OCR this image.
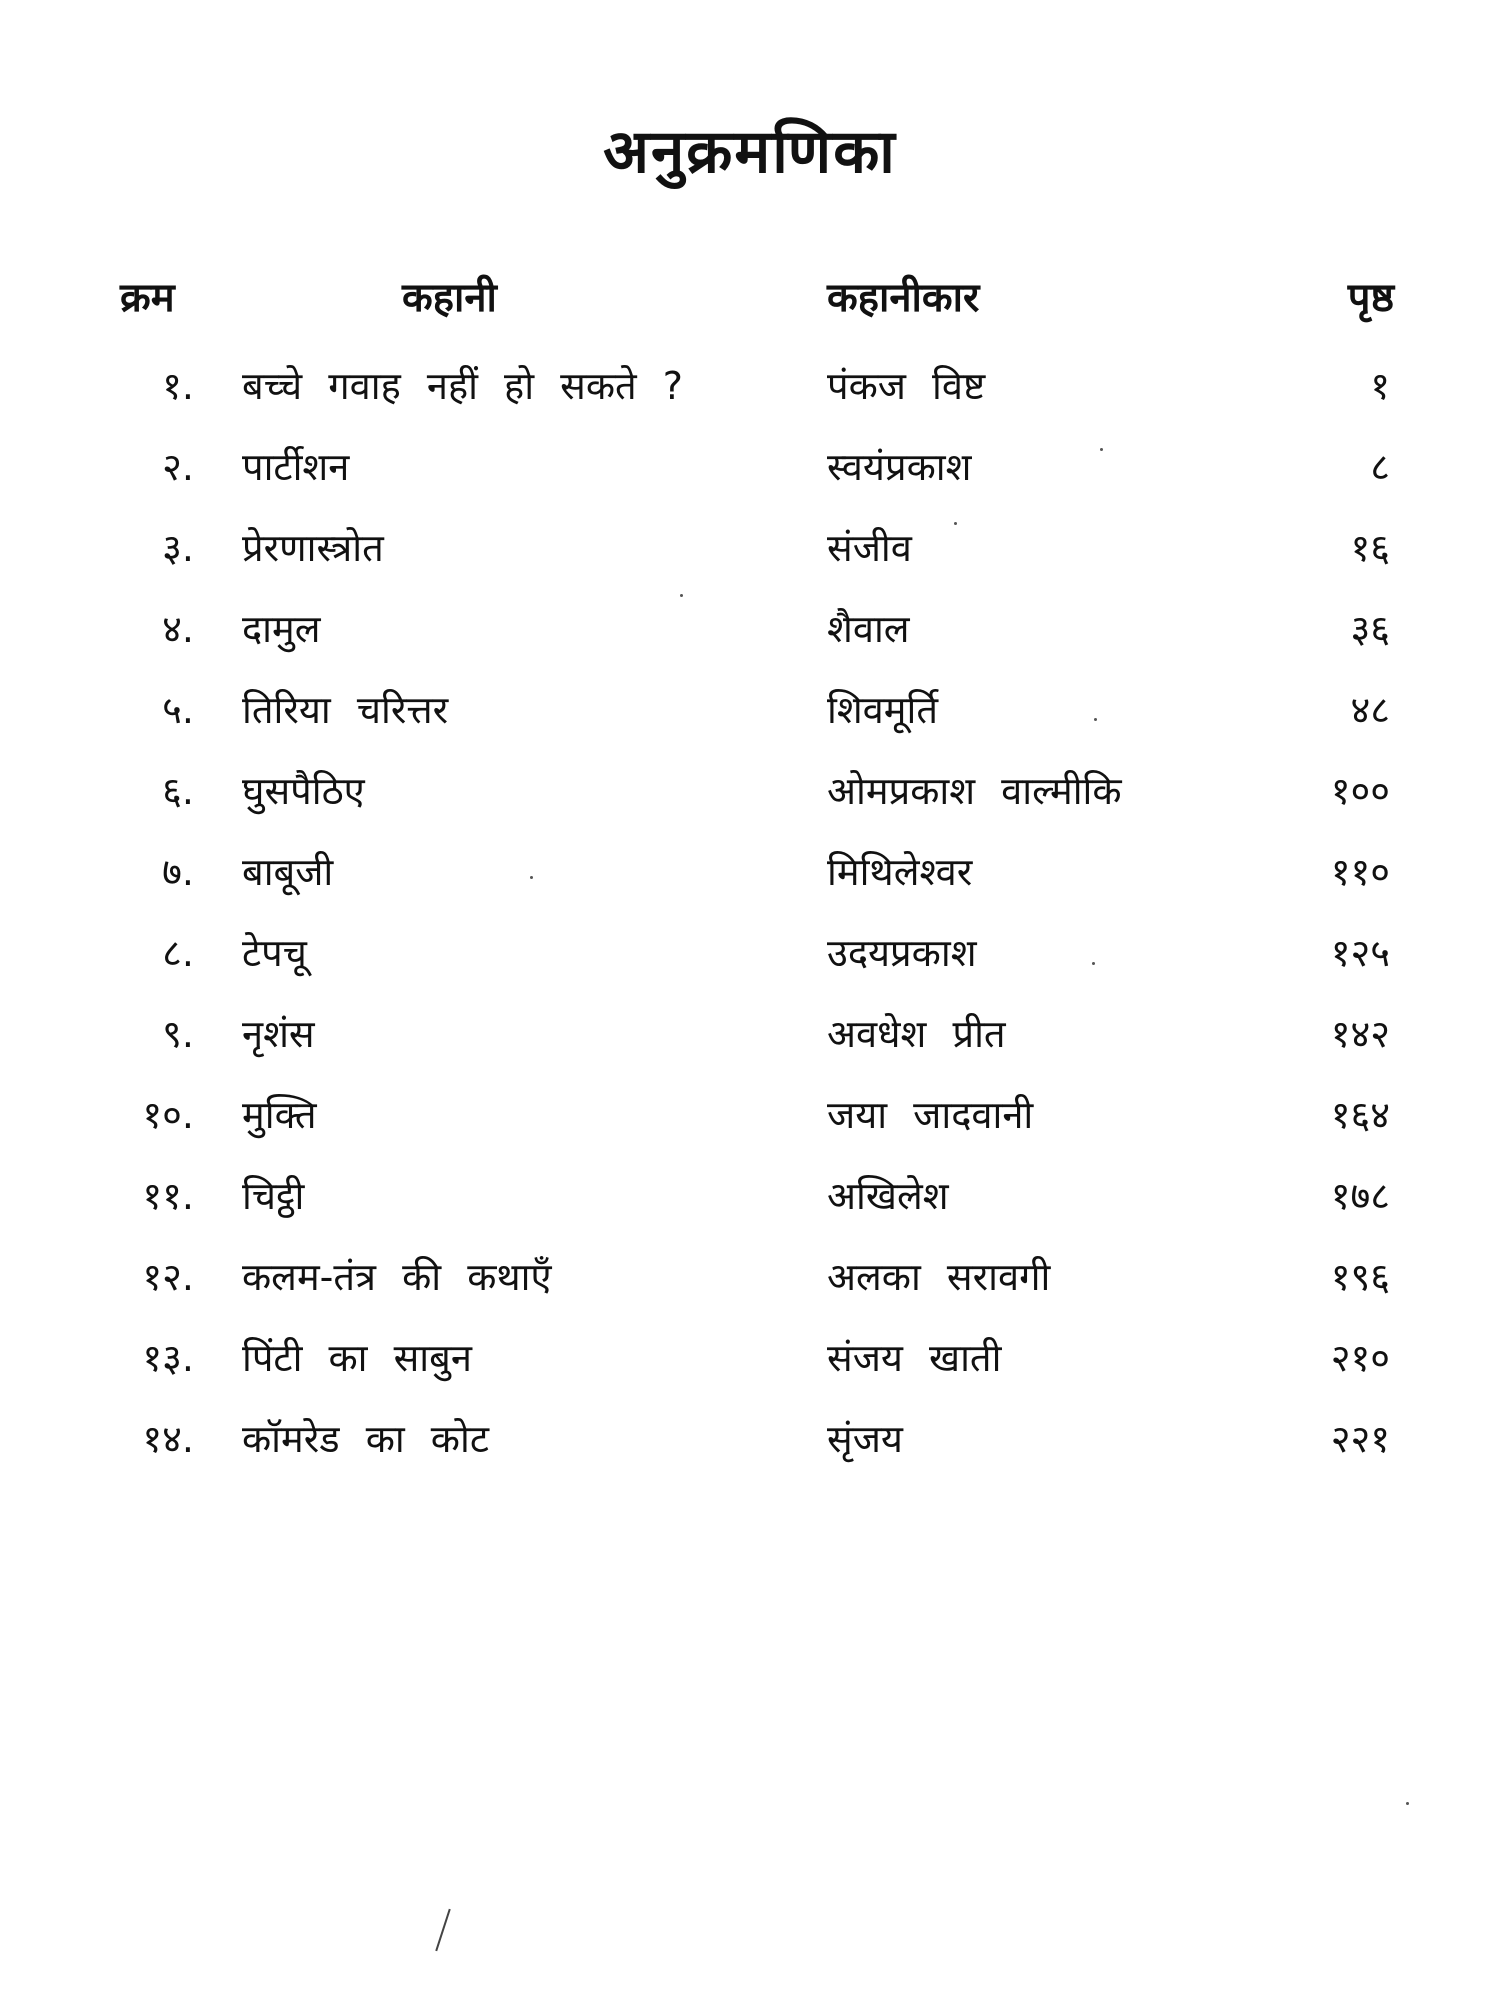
अनुक्रमणिका
क्रम	कहानी	कहानीकार	पृष्ठ
१. बच्चे गवाह नहीं हो सकते ?	पंकज विष्ट	१
२. पार्टीशन	स्वयंप्रकाश	८
३. प्रेरणास्त्रोत	संजीव	१६
४. दामुल	शैवाल	३६
५. तिरिया चरित्तर	शिवमूर्ति	४८
६. घुसपैठिए	ओमप्रकाश वाल्मीकि	१००
७. बाबूजी	मिथिलेश्वर	११०
८. टेपचू	उदयप्रकाश	१२५
९. नृशंस	अवधेश प्रीत	१४२
१०. मुक्ति	जया जादवानी	१६४
११. चिट्ठी	अखिलेश	१७८
१२. कलम-तंत्र की कथाएँ	अलका सरावगी	१९६
१३. पिंटी का साबुन	संजय खाती	२१०
१४. कॉमरेड का कोट	सृंजय	२२१
